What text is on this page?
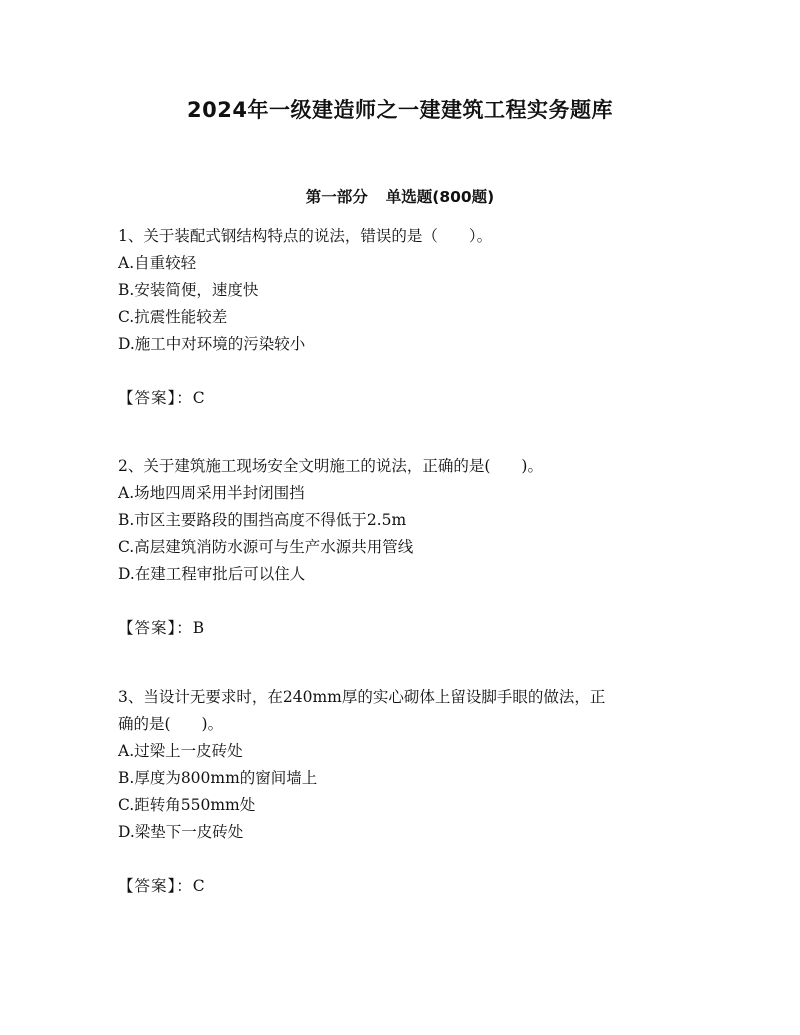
2024年一级建造师之一建建筑工程实务题库
第一部分 单选题(800题)
1、关于装配式钢结构特点的说法，错误的是（　　）。
A.自重较轻
B.安装简便，速度快
C.抗震性能较差
D.施工中对环境的污染较小
【答案】：C
2、关于建筑施工现场安全文明施工的说法，正确的是(　　)。
A.场地四周采用半封闭围挡
B.市区主要路段的围挡高度不得低于2.5m
C.高层建筑消防水源可与生产水源共用管线
D.在建工程审批后可以住人
【答案】：B
3、当设计无要求时，在240mm厚的实心砌体上留设脚手眼的做法，正
确的是(　　)。
A.过梁上一皮砖处
B.厚度为800mm的窗间墙上
C.距转角550mm处
D.梁垫下一皮砖处
【答案】：C
